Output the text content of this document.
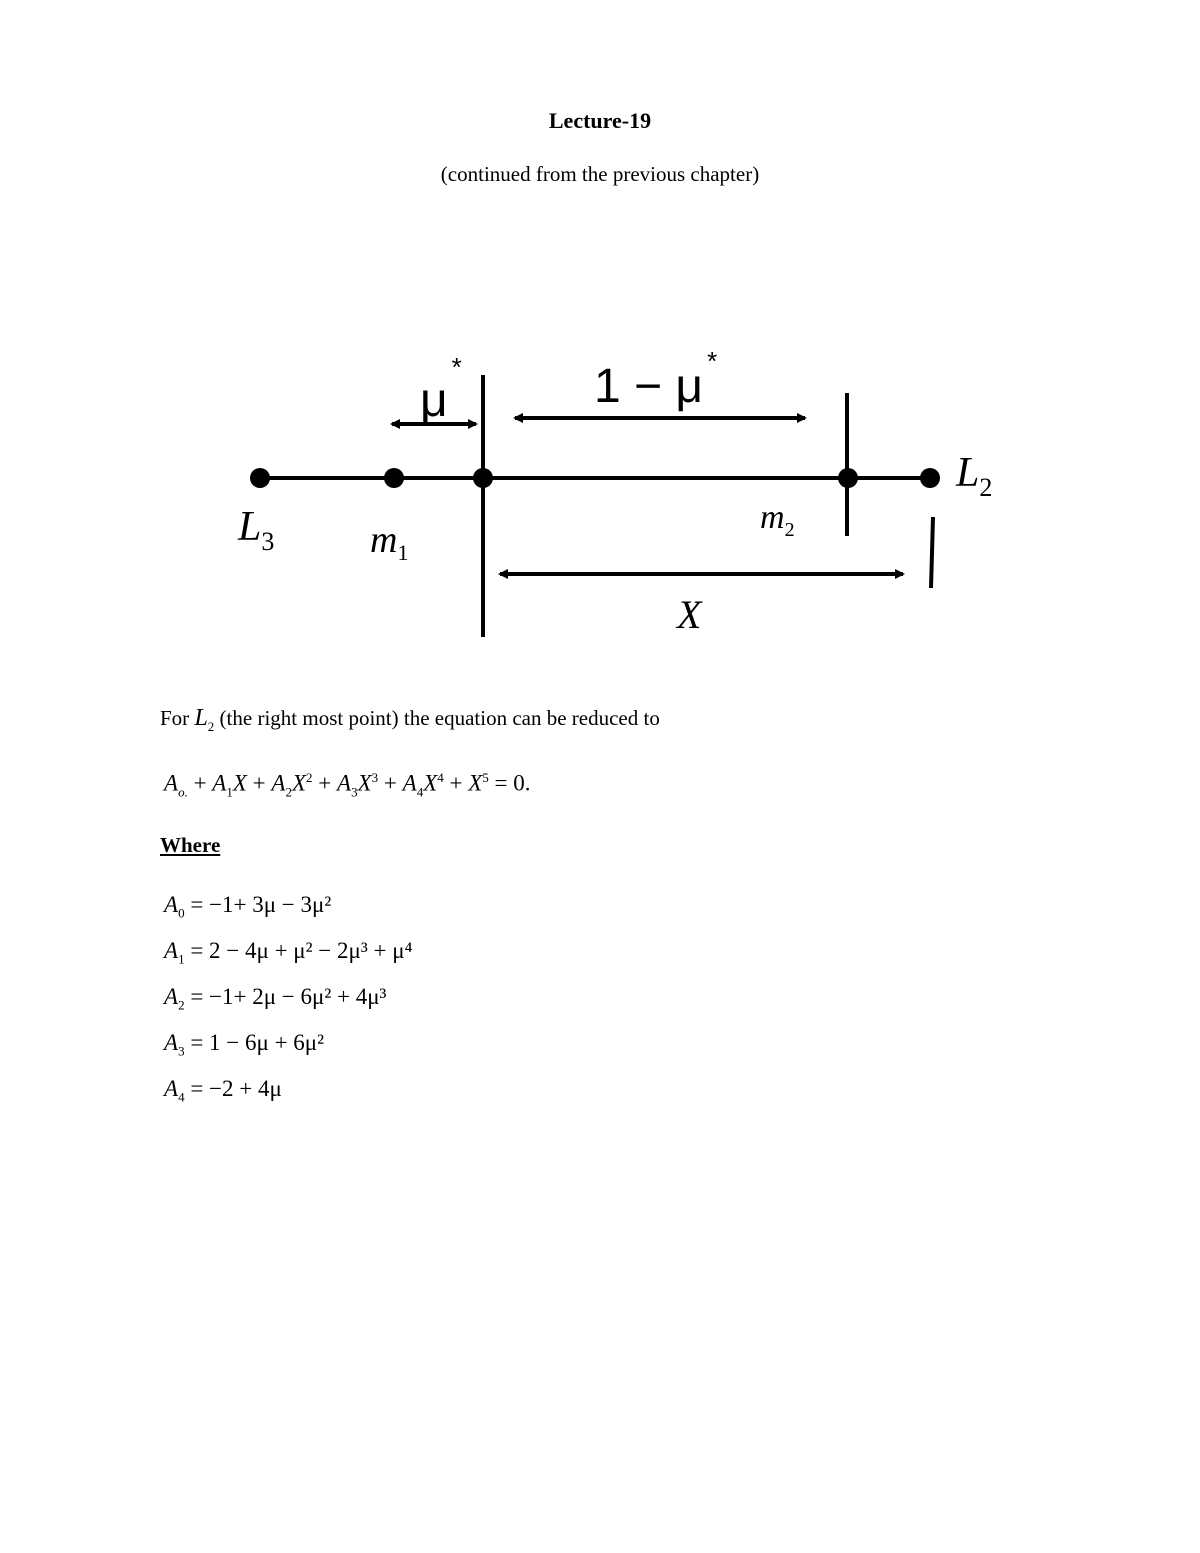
Lecture-19
(continued from the previous chapter)
μ*	1 − μ *
$L_3$	$m_1$
$m_2$
$L_2$
X
For $L_2$ (the right most point) the equation can be reduced to
$A_{o.} + A_1X + A_2X^2 + A_3X^3 + A_4X^4 + X^5 = 0$.
Where
$A_0 = -1+ 3\mu - 3\mu^2$
$A_1 = 2 - 4\mu + \mu^2 - 2\mu^3 + \mu^4$
$A_2 = -1+ 2\mu - 6\mu^2 + 4\mu^3$
$A_3 = 1 - 6\mu + 6\mu^2$
$A_4 = -2 + 4\mu$
